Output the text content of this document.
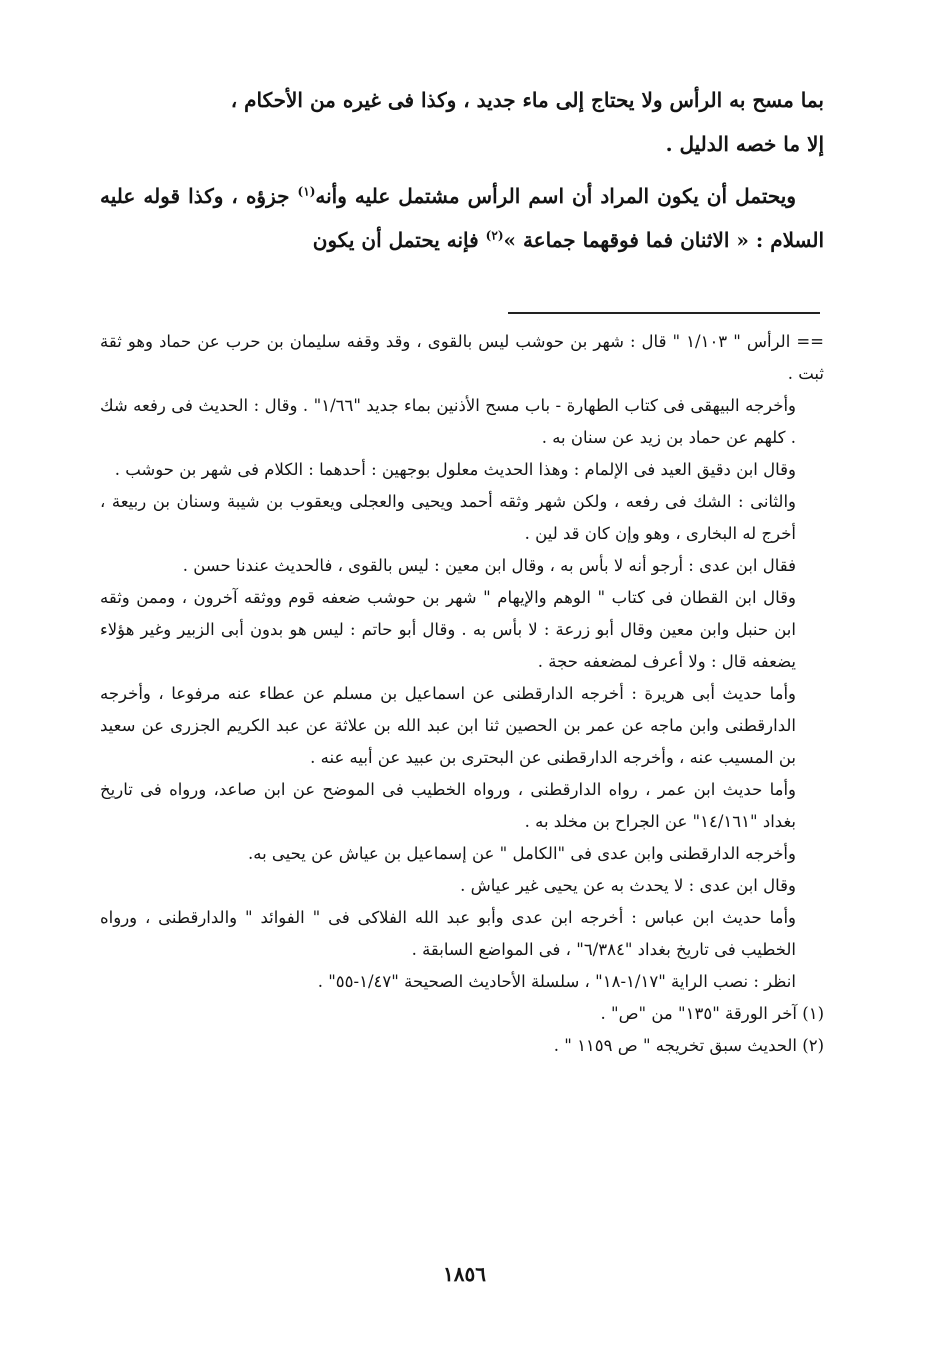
بما مسح به الرأس ولا يحتاج إلى ماء جديد ، وكذا فى غيره من الأحكام ،
إلا ما خصه الدليل .

ويحتمل أن يكون المراد أن اسم الرأس مشتمل عليه وأنه$^{(١)}$ جزؤه ، وكذا قوله عليه السلام : « الاثنان فما فوقهما جماعة »$^{(٢)}$ فإنه يحتمل أن يكون

== الرأس " ١/١٠٣ " قال : شهر بن حوشب ليس بالقوى ، وقد وقفه سليمان بن حرب عن حماد وهو ثقة ثبت .

وأخرجه البيهقى فى كتاب الطهارة - باب مسح الأذنين بماء جديد "١/٦٦" . وقال : الحديث فى رفعه شك . كلهم عن حماد بن زيد عن سنان به .

وقال ابن دقيق العيد فى الإلمام : وهذا الحديث معلول بوجهين : أحدهما : الكلام فى شهر بن حوشب .

والثانى : الشك فى رفعه ، ولكن شهر وثقه أحمد ويحيى والعجلى ويعقوب بن شيبة وسنان بن ربيعة ، أخرج له البخارى ، وهو وإن كان قد لين .

فقال ابن عدى : أرجو أنه لا بأس به ، وقال ابن معين : ليس بالقوى ، فالحديث عندنا حسن .

وقال ابن القطان فى كتاب " الوهم والإيهام " شهر بن حوشب ضعفه قوم ووثقه آخرون ، وممن وثقه ابن حنبل وابن معين وقال أبو زرعة : لا بأس به . وقال أبو حاتم : ليس هو بدون أبى الزبير وغير هؤلاء يضعفه قال : ولا أعرف لمضعفه حجة .

وأما حديث أبى هريرة : أخرجه الدارقطنى عن اسماعيل بن مسلم عن عطاء عنه مرفوعا ، وأخرجه الدارقطنى وابن ماجه عن عمر بن الحصين ثنا ابن عبد الله بن علاثة عن عبد الكريم الجزرى عن سعيد بن المسيب عنه ، وأخرجه الدارقطنى عن البحترى بن عبيد عن أبيه عنه .

وأما حديث ابن عمر ، رواه الدارقطنى ، ورواه الخطيب فى الموضح عن ابن صاعد، ورواه فى تاريخ بغداد "١٤/١٦١" عن الجراح بن مخلد به .

وأخرجه الدارقطنى وابن عدى فى "الكامل " عن إسماعيل بن عياش عن يحيى به.

وقال ابن عدى : لا يحدث به عن يحيى غير عياش .

وأما حديث ابن عباس : أخرجه ابن عدى وأبو عبد الله الفلاكى فى " الفوائد " والدارقطنى ، ورواه الخطيب فى تاريخ بغداد "٦/٣٨٤" ، فى المواضع السابقة .

انظر : نصب الراية "١/١٧-١٨" ، سلسلة الأحاديث الصحيحة "١/٤٧-٥٥" .

(١) آخر الورقة "١٣٥" من "ص" .

(٢) الحديث سبق تخريجه " ص ١١٥٩ " .

١٨٥٦
